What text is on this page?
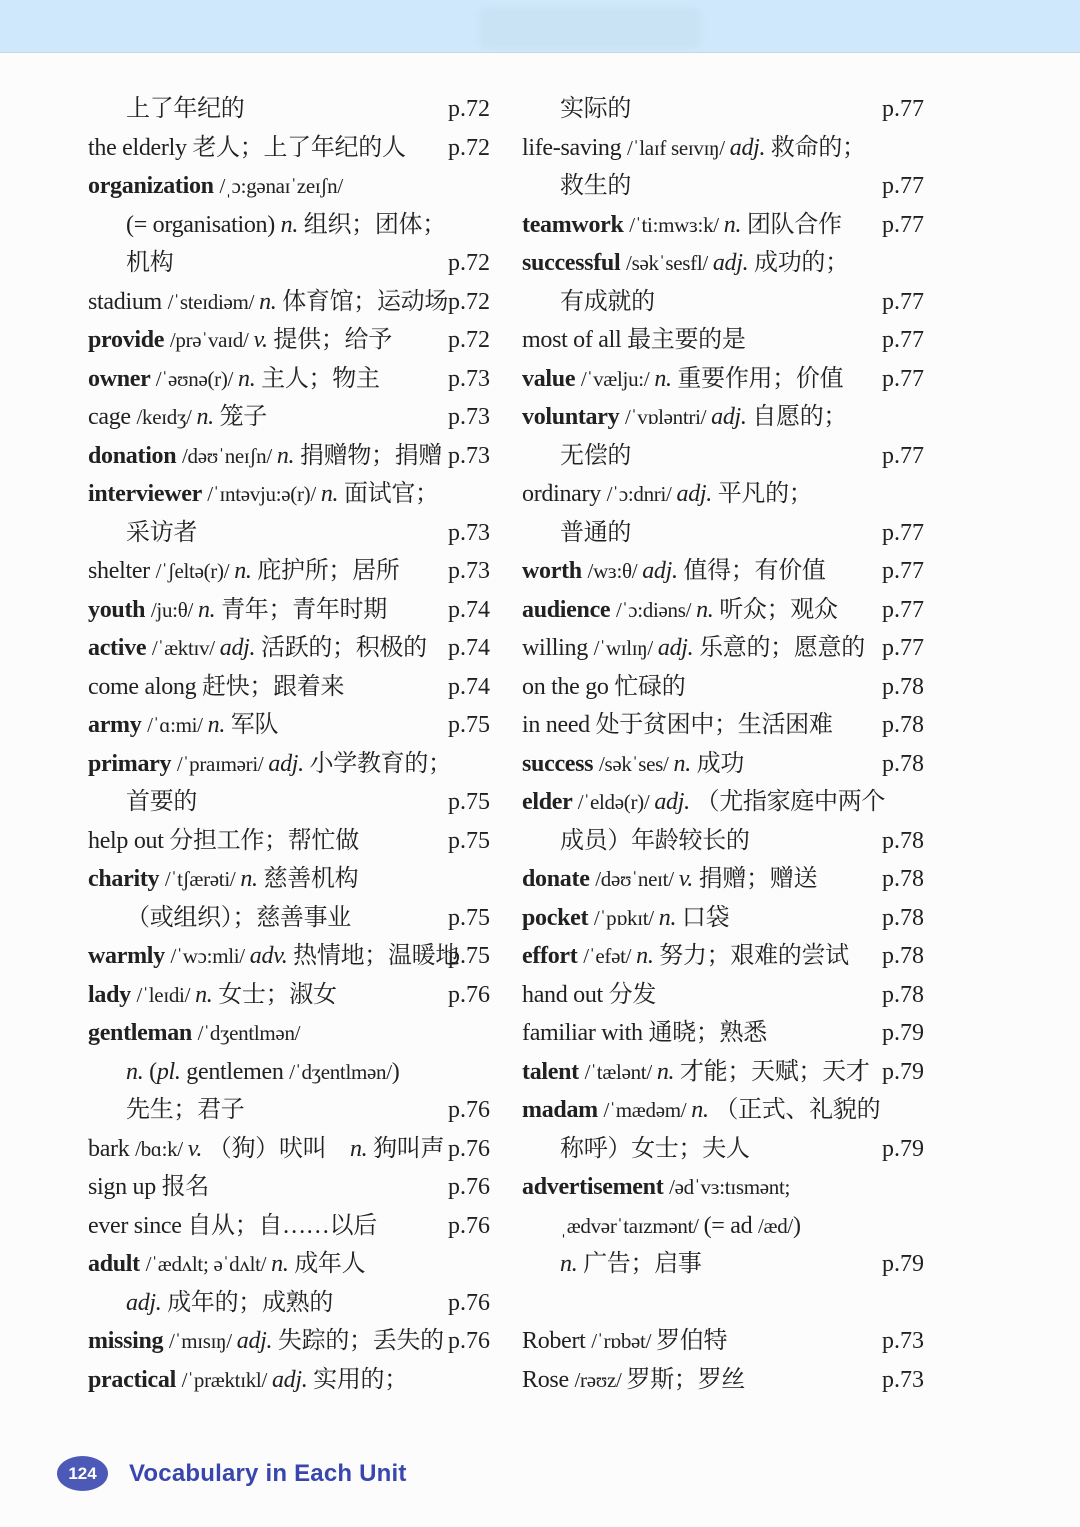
上了年纪的	p.72
the elderly 老人；上了年纪的人 p.72
organization /ˌɔ:gənaɪˈzeɪʃn/
(= organisation) n. 组织；团体；
机构	p.72
stadium /ˈsteɪdiəm/ n. 体育馆；运动场 p.72
provide /prəˈvaɪd/ v. 提供；给予 p.72
owner /ˈəʊnə(r)/ n. 主人；物主	p.73
cage /keɪdʒ/ n. 笼子	p.73
donation /dəʊˈneɪʃn/ n. 捐赠物；捐赠 p.73
interviewer /ˈɪntəvju:ə(r)/ n. 面试官；
采访者	p.73
shelter /ˈʃeltə(r)/ n. 庇护所；居所 p.73
youth /ju:θ/ n. 青年；青年时期	p.74
active /ˈæktɪv/ adj. 活跃的；积极的 p.74
come along 赶快；跟着来	p.74
army /ˈɑ:mi/ n. 军队	p.75
primary /ˈpraɪməri/ adj. 小学教育的；
首要的	p.75
help out 分担工作；帮忙做	p.75
charity /ˈtʃærəti/ n. 慈善机构
（或组织）；慈善事业	p.75
warmly /ˈwɔ:mli/ adv. 热情地；温暖地
p.75
lady /ˈleɪdi/ n. 女士；淑女	p.76
gentleman /ˈdʒentlmən/
n. (pl. gentlemen /ˈdʒentlmən/)
先生；君子	p.76
bark /bɑ:k/ v. （狗）吠叫　n. 狗叫声 p.76
sign up 报名	p.76
ever since 自从；自……以后	p.76
adult /ˈædʌlt; əˈdʌlt/ n. 成年人
adj. 成年的；成熟的	p.76
missing /ˈmɪsɪŋ/ adj. 失踪的；丢失的 p.76
practical /ˈpræktɪkl/ adj. 实用的；
实际的	p.77
life-saving /ˈlaɪf seɪvɪŋ/ adj. 救命的；
救生的	p.77
teamwork /ˈti:mwɜ:k/ n. 团队合作 p.77
successful /səkˈsesfl/ adj. 成功的；
有成就的	p.77
most of all 最主要的是	p.77
value /ˈvælju:/ n. 重要作用；价值 p.77
voluntary /ˈvɒləntri/ adj. 自愿的；
无偿的	p.77
ordinary /ˈɔ:dnri/ adj. 平凡的；
普通的	p.77
worth /wɜ:θ/ adj. 值得；有价值 p.77
audience /ˈɔ:diəns/ n. 听众；观众 p.77
willing /ˈwɪlɪŋ/ adj. 乐意的；愿意的 p.77
on the go 忙碌的	p.78
in need 处于贫困中；生活困难 p.78
success /səkˈses/ n. 成功	p.78
elder /ˈeldə(r)/ adj. （尤指家庭中两个
成员）年龄较长的	p.78
donate /dəʊˈneɪt/ v. 捐赠；赠送	p.78
pocket /ˈpɒkɪt/ n. 口袋	p.78
effort /ˈefət/ n. 努力；艰难的尝试 p.78
hand out 分发	p.78
familiar with 通晓；熟悉	p.79
talent /ˈtælənt/ n. 才能；天赋；天才 p.79
madam /ˈmædəm/ n. （正式、礼貌的
称呼）女士；夫人	p.79
advertisement /ədˈvɜ:tɪsmənt;
ˌædvərˈtaɪzmənt/ (= ad /æd/)
n. 广告；启事	p.79
Robert /ˈrɒbət/ 罗伯特	p.73
Rose /rəʊz/ 罗斯；罗丝	p.73
124	Vocabulary in Each Unit
